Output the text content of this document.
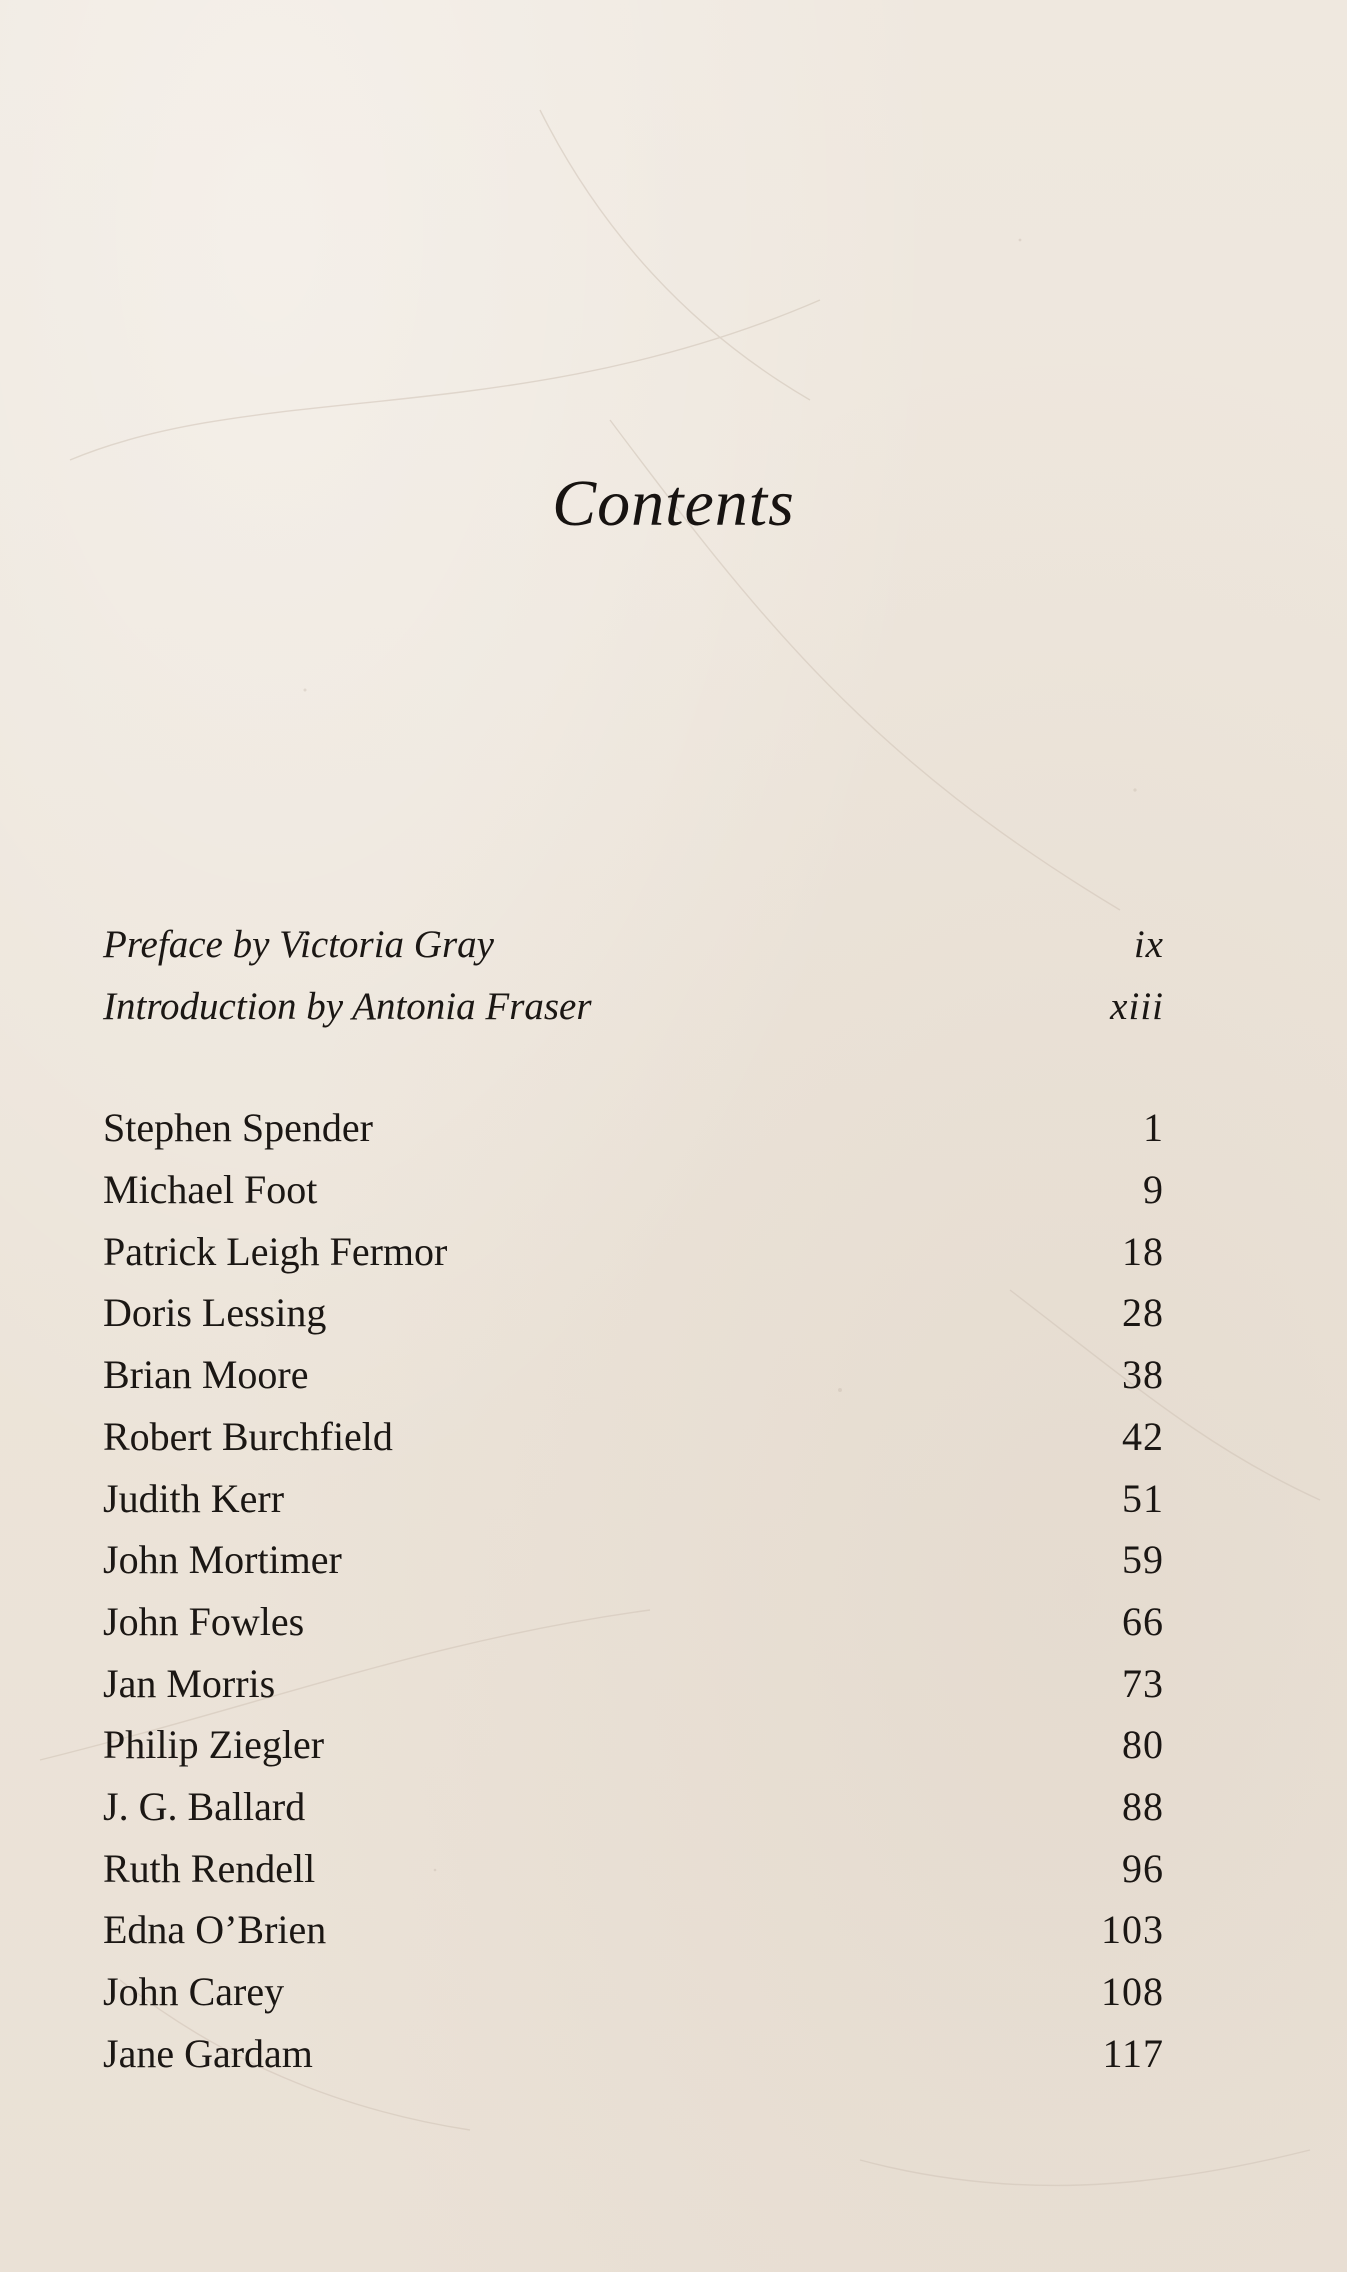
Contents
Preface by Victoria Gray	ix
Introduction by Antonia Fraser	xiii
Stephen Spender	1
Michael Foot	9
Patrick Leigh Fermor	18
Doris Lessing	28
Brian Moore	38
Robert Burchfield	42
Judith Kerr	51
John Mortimer	59
John Fowles	66
Jan Morris	73
Philip Ziegler	80
J. G. Ballard	88
Ruth Rendell	96
Edna O’Brien	103
John Carey	108
Jane Gardam	117
